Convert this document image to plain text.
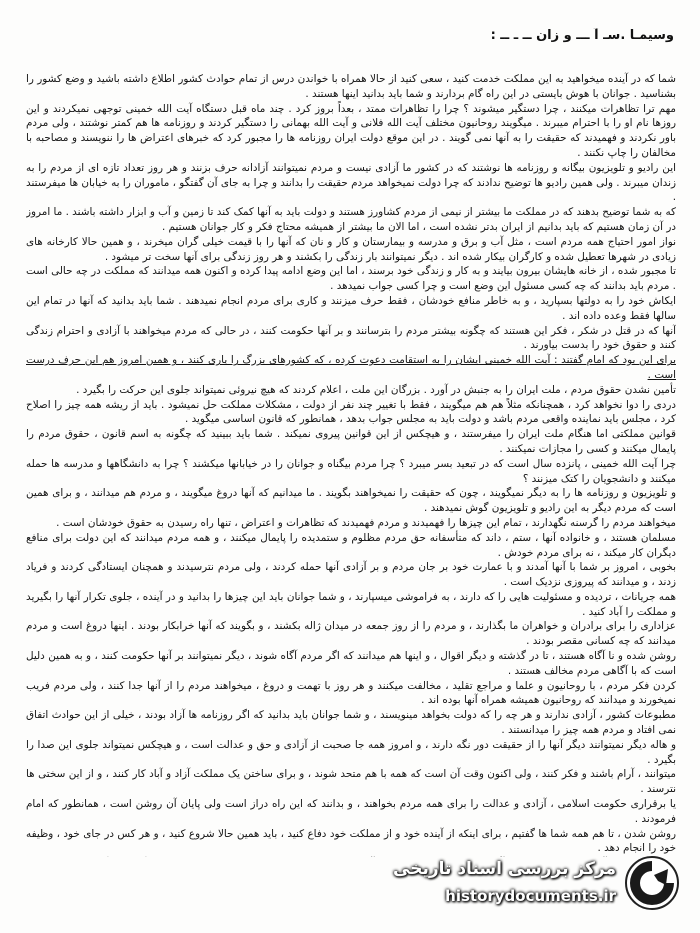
وسیمـا .سـ آ ـــ و زان ــ ـ ــ :

شما که در آینده میخواهید به این مملکت خدمت کنید ، سعی کنید از حالا همراه با خواندن درس از تمام حوادث کشور اطلاع داشته باشید و وضع کشور را بشناسید . جوانان با هوش بایستی در این راه گام بردارند و شما باید بدانید اینها هستند .

مهم ترا تظاهرات میکنند ، چرا دستگیر میشوند ؟ چرا را تظاهرات ممتد ، بعداً بروز کرد . چند ماه قبل دستگاه آیت الله خمینی توجهی نمیکردند و این روزها نام او را با احترام میبرند . میگویند روحانیون مختلف آیت الله فلانی و آیت الله بهمانی را دستگیر کردند و روزنامه ها هم کمتر نوشتند ، ولی مردم باور نکردند و فهمیدند که حقیقت را به آنها نمی گویند . در این موقع دولت ایران روزنامه ها را مجبور کرد که خبرهای اعتراض ها را ننویسند و مصاحبه با مخالفان را چاپ نکنند .

این رادیو و تلویزیون بیگانه و روزنامه ها نوشتند که در کشور ما آزادی نیست و مردم نمیتوانند آزادانه حرف بزنند و هر روز تعداد تازه ای از مردم را به زندان میبرند . ولی همین رادیو ها توضیح ندادند که چرا دولت نمیخواهد مردم حقیقت را بدانند و چرا به جای آن گفتگو ، ماموران را به خیابان ها میفرستند .

که به شما توضیح بدهند که در مملکت ما بیشتر از نیمی از مردم کشاورز هستند و دولت باید به آنها کمک کند تا زمین و آب و ابزار داشته باشند . ما امروز در آن زمان هستیم که باید بدانیم از ایران بدتر نشده است ، اما الان ما بیشتر از همیشه محتاج فکر و کار جوانان هستیم .

نواز امور احتیاج همه مردم است ، مثل آب و برق و مدرسه و بیمارستان و کار و نان که آنها را با قیمت خیلی گران میخرند ، و همین حالا کارخانه های زیادی در شهرها تعطیل شده و کارگران بیکار شده اند . دیگر نمیتوانند بار زندگی را بکشند و هر روز زندگی برای آنها سخت تر میشود .

تا مجبور شده ، از خانه هایشان بیرون بیایند و به کار و زندگی خود برسند ، اما این وضع ادامه پیدا کرده و اکنون همه میدانند که مملکت در چه حالی است . مردم باید بدانند که چه کسی مسئول این وضع است و چرا کسی جواب نمیدهد .

ایکاش خود را به دولتها بسپارید ، و به خاطر منافع خودشان ، فقط حرف میزنند و کاری برای مردم انجام نمیدهند . شما باید بدانید که آنها در تمام این سالها فقط وعده داده اند .

آنها که در قتل در شکر ، فکر این هستند که چگونه بیشتر مردم را بترسانند و بر آنها حکومت کنند ، در حالی که مردم میخواهند با آزادی و احترام زندگی کنند و حقوق خود را بدست بیاورند .

برای این بود که امام گفتند : آیت الله خمینی ایشان را به استقامت دعوت کرده ، که کشورهای بزرگ را یاری کنند ، و همین امروز هم این حرف درست است .

تأمین نشدن حقوق مردم ، ملت ایران را به جنبش در آورد . بزرگان این ملت ، اعلام کردند که هیچ نیروئی نمیتواند جلوی این حرکت را بگیرد .

دردی را دوا نخواهد کرد ، همچنانکه مثلاً هم هم میگویند ، فقط با تغییر چند نفر از دولت ، مشکلات مملکت حل نمیشود . باید از ریشه همه چیز را اصلاح کرد ، مجلس باید نماینده واقعی مردم باشد و دولت باید به مجلس جواب بدهد ، همانطور که قانون اساسی میگوید .

قوانین مملکتی اما هنگام ملت ایران را میفرستند ، و هیچکس از این قوانین پیروی نمیکند . شما باید ببینید که چگونه به اسم قانون ، حقوق مردم را پایمال میکنند و کسی را مجازات نمیکنند .

چرا آیت الله خمینی ، پانزده سال است که در تبعید بسر میبرد ؟ چرا مردم بیگناه و جوانان را در خیابانها میکشند ؟ چرا به دانشگاهها و مدرسه ها حمله میکنند و دانشجویان را کتک میزنند ؟

و تلویزیون و روزنامه ها را به دیگر نمیگویند ، چون که حقیقت را نمیخواهند بگویند . ما میدانیم که آنها دروغ میگویند ، و مردم هم میدانند ، و برای همین است که مردم دیگر به این رادیو و تلویزیون گوش نمیدهند .

میخواهند مردم را گرسنه نگهدارند ، تمام این چیزها را فهمیدند و مردم فهمیدند که تظاهرات و اعتراض ، تنها راه رسیدن به حقوق خودشان است .

مسلمان هستند ، و خانواده آنها ، ستم ، داند که متأسفانه حق مردم مظلوم و ستمدیده را پایمال میکنند ، و همه مردم میدانند که این دولت برای منافع دیگران کار میکند ، نه برای مردم خودش .

بخوبی ، امروز بر شما با آنها آمدند و با عمارت خود بر جان مردم و بر آزادی آنها حمله کردند ، ولی مردم نترسیدند و همچنان ایستادگی کردند و فریاد زدند ، و میدانند که پیروزی نزدیک است .

همه جریانات ، تردیده و مسئولیت هایی را که دارند ، به فراموشی میسپارند ، و شما جوانان باید این چیزها را بدانید و در آینده ، جلوی تکرار آنها را بگیرید و مملکت را آباد کنید .

عزاداری را برای برادران و خواهران ما بگذارند ، و مردم را از روز جمعه در میدان ژاله بکشند ، و بگویند که آنها خرابکار بودند . اینها دروغ است و مردم میدانند که چه کسانی مقصر بودند .

روشن شده و نا آگاه هستند ، تا در گذشته و دیگر اقوال ، و اینها هم میدانند که اگر مردم آگاه شوند ، دیگر نمیتوانند بر آنها حکومت کنند ، و به همین دلیل است که با آگاهی مردم مخالف هستند .

کردن فکر مردم ، با روحانیون و علما و مراجع تقلید ، مخالفت میکنند و هر روز با تهمت و دروغ ، میخواهند مردم را از آنها جدا کنند ، ولی مردم فریب نمیخورند و میدانند که روحانیون همیشه همراه آنها بوده اند .

مطبوعات کشور ، آزادی ندارند و هر چه را که دولت بخواهد مینویسند ، و شما جوانان باید بدانید که اگر روزنامه ها آزاد بودند ، خیلی از این حوادث اتفاق نمی افتاد و مردم همه چیز را میدانستند .

و هاله دیگر نمیتوانند دیگر آنها را از حقیقت دور نگه دارند ، و امروز همه جا صحبت از آزادی و حق و عدالت است ، و هیچکس نمیتواند جلوی این صدا را بگیرد .

میتوانند ، آرام باشند و فکر کنند ، ولی اکنون وقت آن است که همه با هم متحد شوند ، و برای ساختن یک مملکت آزاد و آباد کار کنند ، و از این سختی ها نترسند .

یا برقراری حکومت اسلامی ، آزادی و عدالت را برای همه مردم بخواهند ، و بدانند که این راه دراز است ولی پایان آن روشن است ، همانطور که امام فرمودند .

روشن شدن ، تا هم همه شما ها گفتیم ، برای اینکه از آینده خود و از مملکت خود دفاع کنید ، باید همین حالا شروع کنید ، و هر کس در جای خود ، وظیفه خود را انجام دهد .

مرکز بررسی اسناد تاریخی
historydocuments.ir
